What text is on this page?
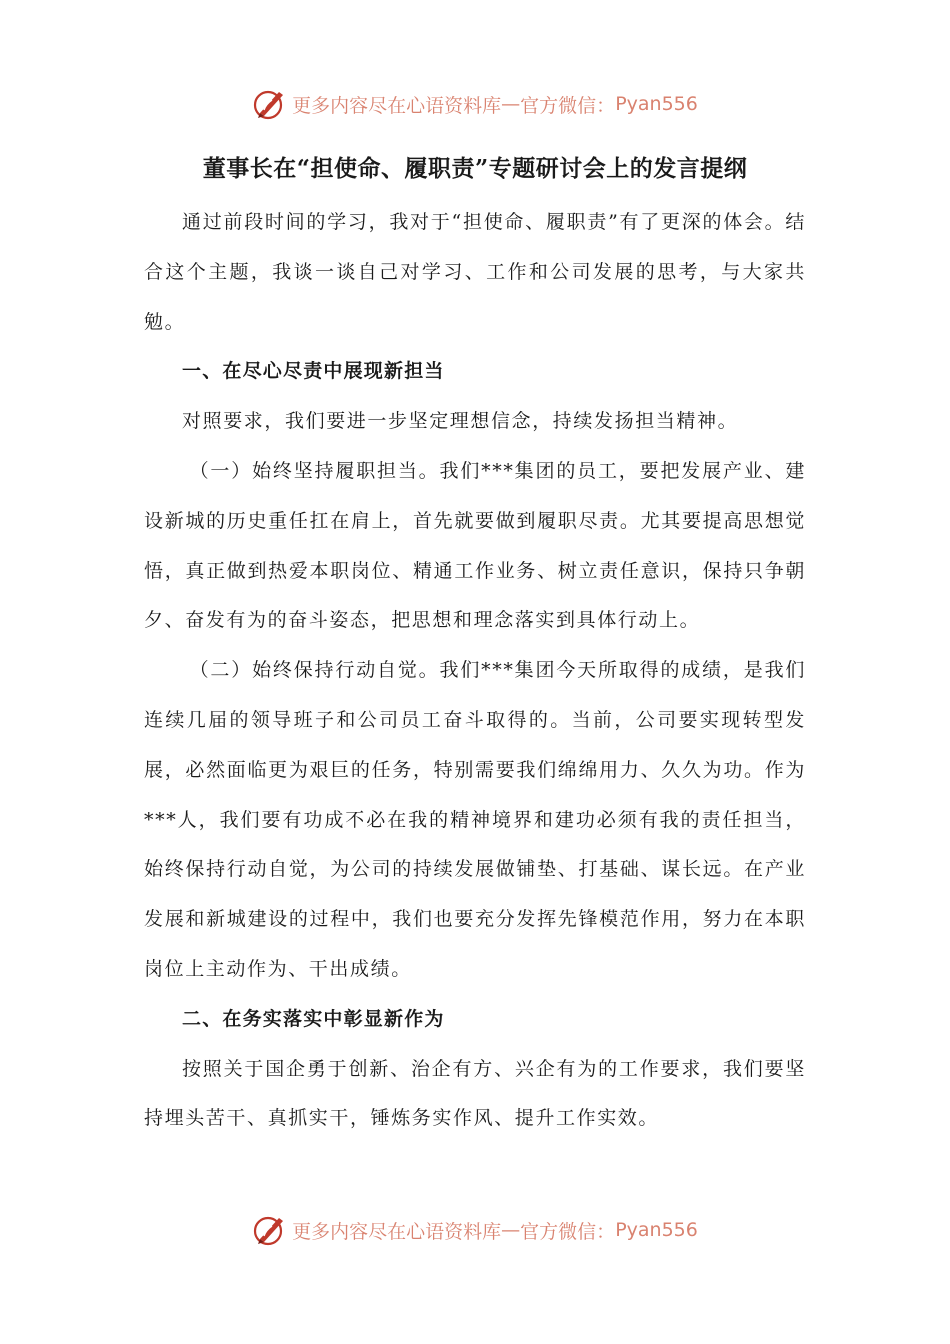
更多内容尽在心语资料库 — 官方微信： Pyan556
董事长在“担使命、履职责”专题研讨会上的发言提纲

通过前段时间的学习，我对于“担使命、履职责”有了更深的体会。结合这个主题，我谈一谈自己对学习、工作和公司发展的思考，与大家共勉。

一、在尽心尽责中展现新担当

对照要求，我们要进一步坚定理想信念，持续发扬担当精神。

（一）始终坚持履职担当。我们***集团的员工，要把发展产业、建设新城的历史重任扛在肩上，首先就要做到履职尽责。尤其要提高思想觉悟，真正做到热爱本职岗位、精通工作业务、树立责任意识，保持只争朝夕、奋发有为的奋斗姿态，把思想和理念落实到具体行动上。

（二）始终保持行动自觉。我们***集团今天所取得的成绩，是我们连续几届的领导班子和公司员工奋斗取得的。当前，公司要实现转型发展，必然面临更为艰巨的任务，特别需要我们绵绵用力、久久为功。作为***人，我们要有功成不必在我的精神境界和建功必须有我的责任担当，始终保持行动自觉，为公司的持续发展做铺垫、打基础、谋长远。在产业发展和新城建设的过程中，我们也要充分发挥先锋模范作用，努力在本职岗位上主动作为、干出成绩。

二、在务实落实中彰显新作为

按照关于国企勇于创新、治企有方、兴企有为的工作要求，我们要坚持埋头苦干、真抓实干，锤炼务实作风、提升工作实效。

更多内容尽在心语资料库 — 官方微信： Pyan556
